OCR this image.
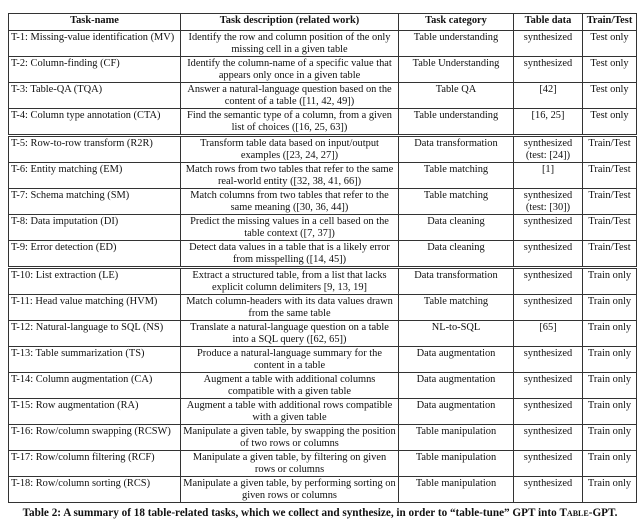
Task-name	Task description (related work)	Task category	Table data	Train/Test
T-1: Missing-value identification (MV)	Identify the row and column position of the only missing cell in a given table	Table understanding	synthesized	Test only
T-2: Column-finding (CF)	Identify the column-name of a specific value that appears only once in a given table	Table Understanding	synthesized	Test only
T-3: Table-QA (TQA)	Answer a natural-language question based on the content of a table ([11, 42, 49])	Table QA	[42]	Test only
T-4: Column type annotation (CTA)	Find the semantic type of a column, from a given list of choices ([16, 25, 63])	Table understanding	[16, 25]	Test only
T-5: Row-to-row transform (R2R)	Transform table data based on input/output examples ([23, 24, 27])	Data transformation	synthesized (test: [24])	Train/Test
T-6: Entity matching (EM)	Match rows from two tables that refer to the same real-world entity ([32, 38, 41, 66])	Table matching	[1]	Train/Test
T-7: Schema matching (SM)	Match columns from two tables that refer to the same meaning ([30, 36, 44])	Table matching	synthesized (test: [30])	Train/Test
T-8: Data imputation (DI)	Predict the missing values in a cell based on the table context ([7, 37])	Data cleaning	synthesized	Train/Test
T-9: Error detection (ED)	Detect data values in a table that is a likely error from misspelling ([14, 45])	Data cleaning	synthesized	Train/Test
T-10: List extraction (LE)	Extract a structured table, from a list that lacks explicit column delimiters [9, 13, 19]	Data transformation	synthesized	Train only
T-11: Head value matching (HVM)	Match column-headers with its data values drawn from the same table	Table matching	synthesized	Train only
T-12: Natural-language to SQL (NS)	Translate a natural-language question on a table into a SQL query ([62, 65])	NL-to-SQL	[65]	Train only
T-13: Table summarization (TS)	Produce a natural-language summary for the content in a table	Data augmentation	synthesized	Train only
T-14: Column augmentation (CA)	Augment a table with additional columns compatible with a given table	Data augmentation	synthesized	Train only
T-15: Row augmentation (RA)	Augment a table with additional rows compatible with a given table	Data augmentation	synthesized	Train only
T-16: Row/column swapping (RCSW)	Manipulate a given table, by swapping the position of two rows or columns	Table manipulation	synthesized	Train only
T-17: Row/column filtering (RCF)	Manipulate a given table, by filtering on given rows or columns	Table manipulation	synthesized	Train only
T-18: Row/column sorting (RCS)	Manipulate a given table, by performing sorting on given rows or columns	Table manipulation	synthesized	Train only
Table 2: A summary of 18 table-related tasks, which we collect and synthesize, in order to “table-tune” GPT into Table-GPT.
